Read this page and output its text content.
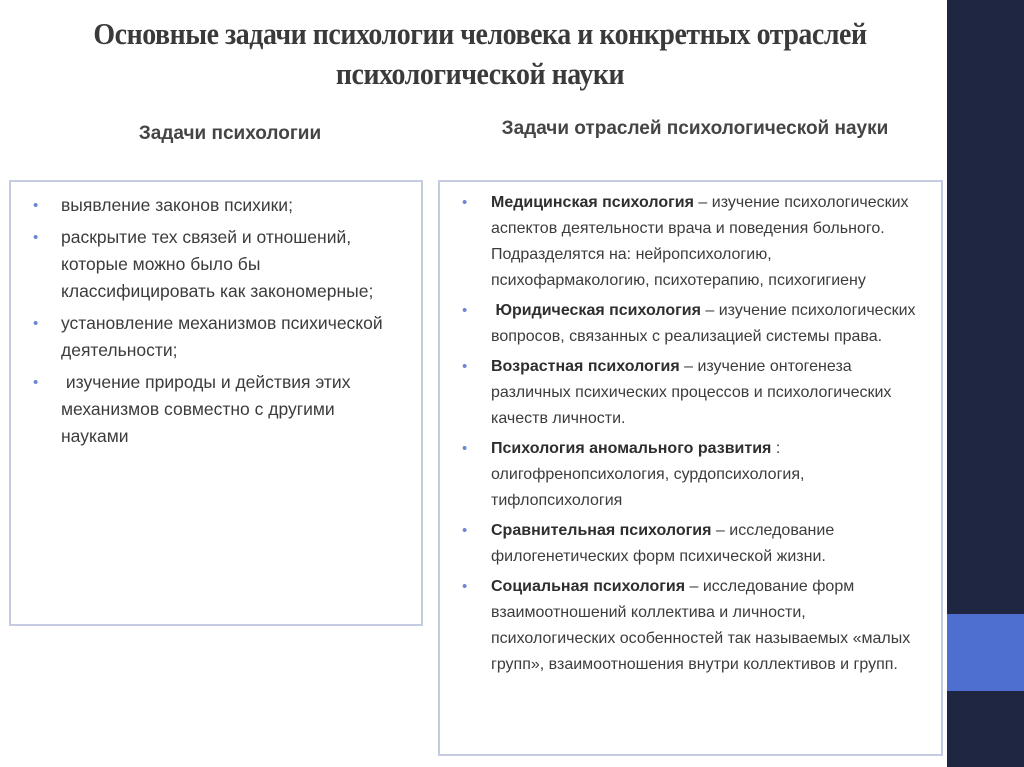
Основные задачи психологии человека и конкретных отраслей психологической науки
Задачи психологии	Задачи отраслей психологической науки
• выявление законов психики;
• раскрытие тех связей и отношений, которые можно было бы классифицировать как закономерные;
• установление механизмов психической деятельности;
• изучение природы и действия этих механизмов совместно с другими науками
• Медицинская психология – изучение психологических аспектов деятельности врача и поведения больного. Подразделятся на: нейропсихологию, психофармакологию, психотерапию, психогигиену
• Юридическая психология – изучение психологических вопросов, связанных с реализацией системы права.
• Возрастная психология – изучение онтогенеза различных психических процессов и психологических качеств личности.
• Психология аномального развития : олигофренопсихология, сурдопсихология, тифлопсихология
• Сравнительная психология – исследование филогенетических форм психической жизни.
• Социальная психология – исследование форм взаимоотношений коллектива и личности, психологических особенностей так называемых «малых групп», взаимоотношения внутри коллективов и групп.
